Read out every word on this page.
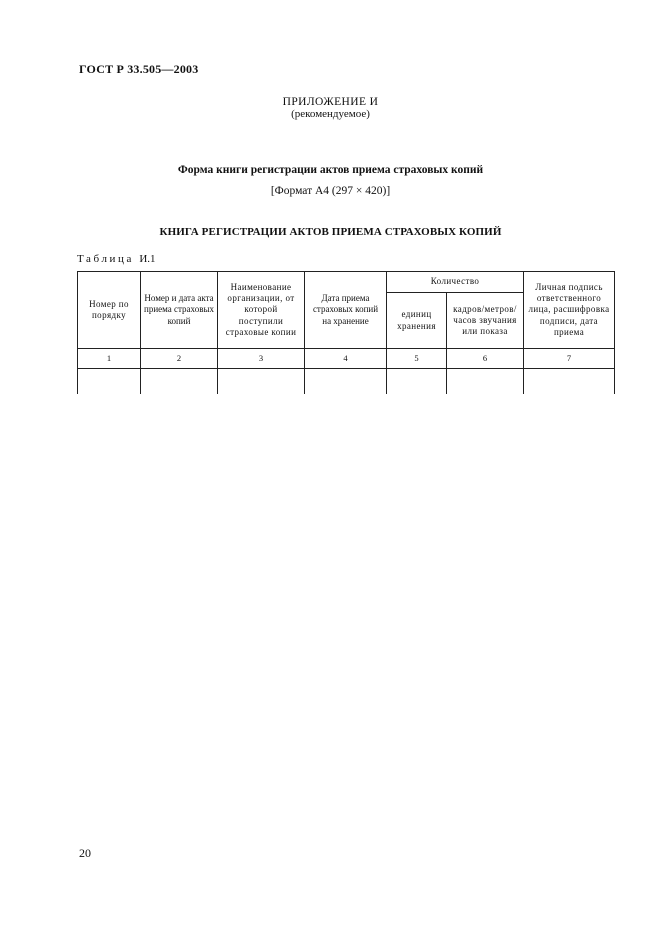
ГОСТ Р 33.505—2003
ПРИЛОЖЕНИЕ И
(рекомендуемое)
Форма книги регистрации актов приема страховых копий
[Формат А4 (297 × 420)]
КНИГА РЕГИСТРАЦИИ АКТОВ ПРИЕМА СТРАХОВЫХ КОПИЙ
Таблица И.1
Номер по порядку	Номер и дата акта приема страховых копий	Наименование организации, от которой поступили страховые копии	Дата приема страховых копий на хранение	Количество		Личная подпись ответственного лица, расшифровка подписи, дата приема
				единиц хранения	кадров/метров/ часов звучания или показа	
1	2	3	4	5	6	7

20
